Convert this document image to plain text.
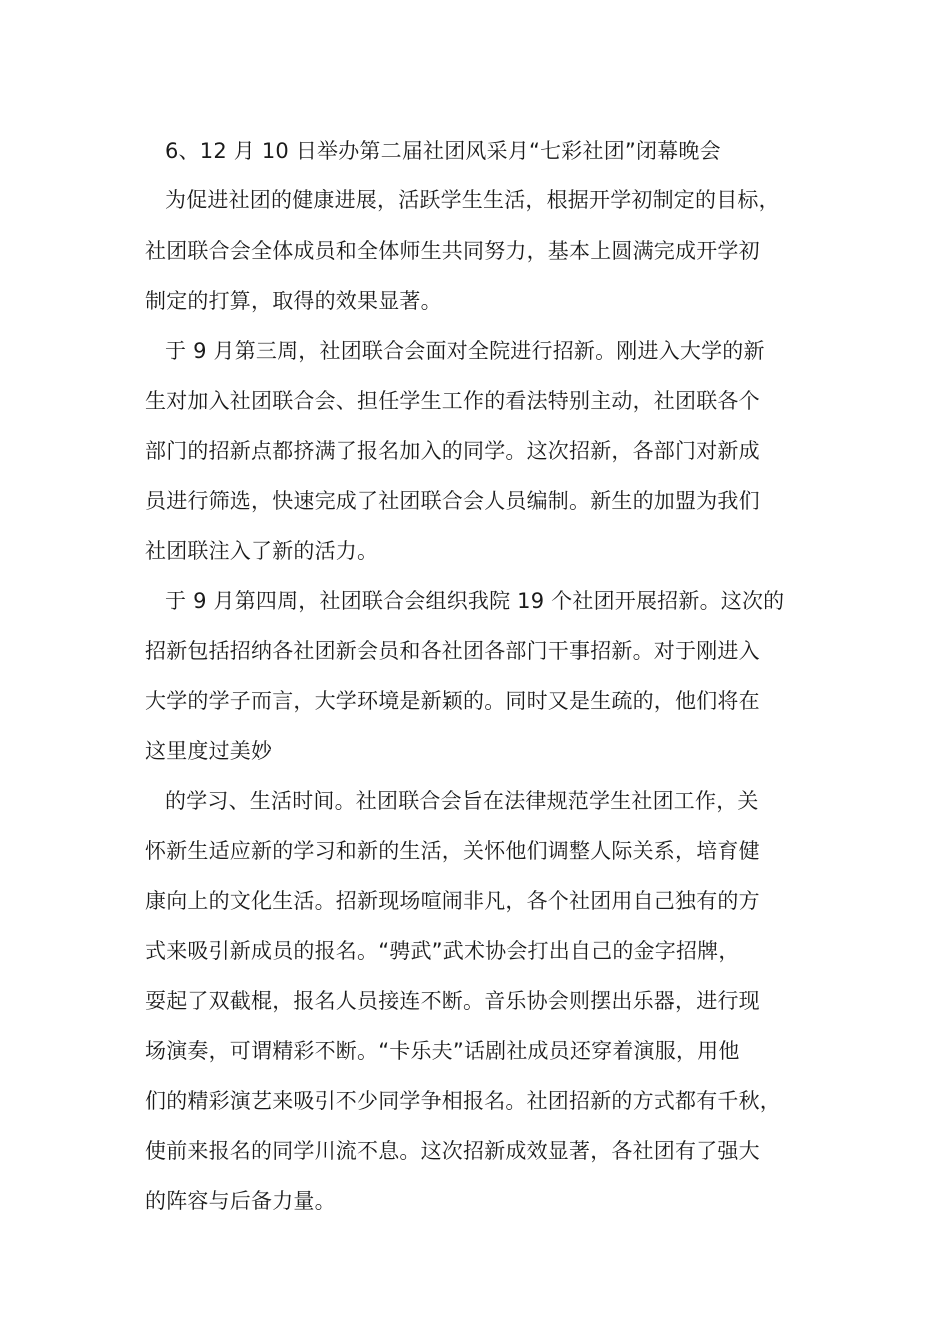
6、12 月 10 日举办第二届社团风采月“七彩社团”闭幕晚会
为促进社团的健康进展，活跃学生生活，根据开学初制定的目标，
社团联合会全体成员和全体师生共同努力，基本上圆满完成开学初
制定的打算，取得的效果显著。
于 9 月第三周，社团联合会面对全院进行招新。刚进入大学的新
生对加入社团联合会、担任学生工作的看法特别主动，社团联各个
部门的招新点都挤满了报名加入的同学。这次招新，各部门对新成
员进行筛选，快速完成了社团联合会人员编制。新生的加盟为我们
社团联注入了新的活力。
于 9 月第四周，社团联合会组织我院 19 个社团开展招新。这次的
招新包括招纳各社团新会员和各社团各部门干事招新。对于刚进入
大学的学子而言，大学环境是新颖的。同时又是生疏的，他们将在
这里度过美妙
的学习、生活时间。社团联合会旨在法律规范学生社团工作，关
怀新生适应新的学习和新的生活，关怀他们调整人际关系，培育健
康向上的文化生活。招新现场喧闹非凡，各个社团用自己独有的方
式来吸引新成员的报名。“骋武”武术协会打出自己的金字招牌，
耍起了双截棍，报名人员接连不断。音乐协会则摆出乐器，进行现
场演奏，可谓精彩不断。“卡乐夫”话剧社成员还穿着演服，用他
们的精彩演艺来吸引不少同学争相报名。社团招新的方式都有千秋，
使前来报名的同学川流不息。这次招新成效显著，各社团有了强大
的阵容与后备力量。
